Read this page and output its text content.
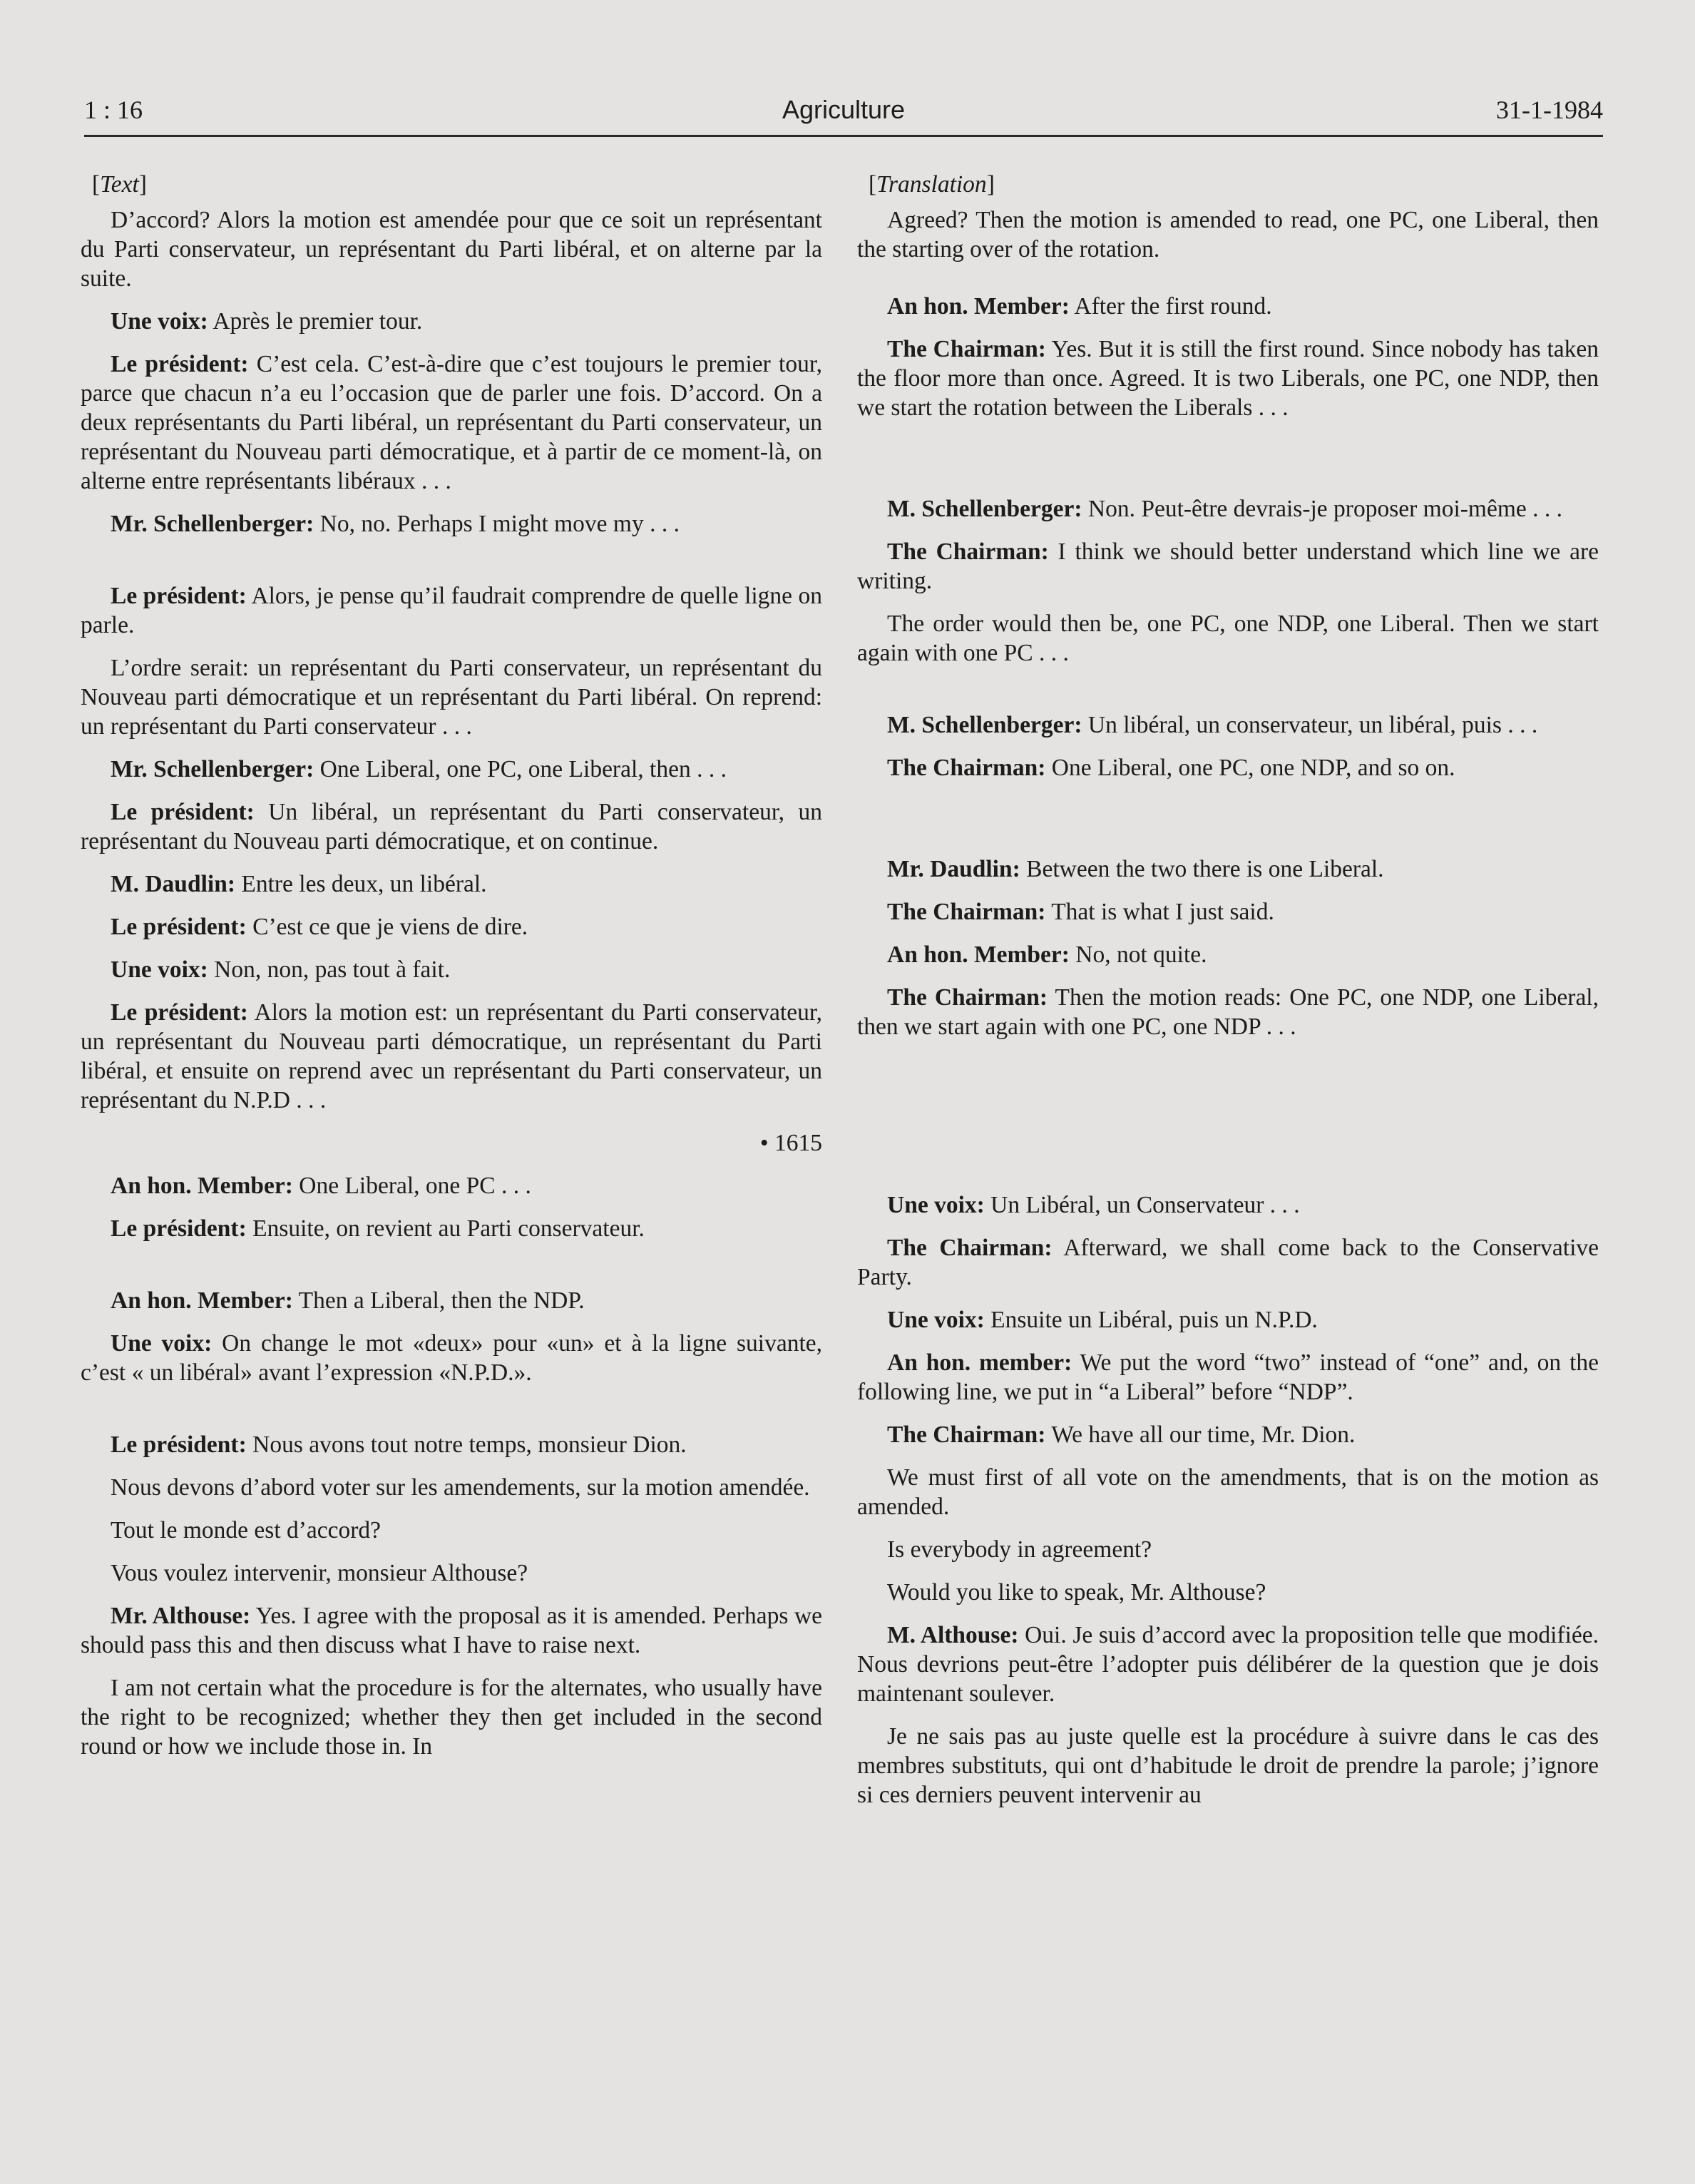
1 : 16	Agriculture	31-1-1984

[Text]

D’accord? Alors la motion est amendée pour que ce soit un représentant du Parti conservateur, un représentant du Parti libéral, et on alterne par la suite.

Une voix: Après le premier tour.

Le président: C’est cela. C’est-à-dire que c’est toujours le premier tour, parce que chacun n’a eu l’occasion que de parler une fois. D’accord. On a deux représentants du Parti libéral, un représentant du Parti conservateur, un représentant du Nouveau parti démocratique, et à partir de ce moment-là, on alterne entre représentants libéraux . . .

Mr. Schellenberger: No, no. Perhaps I might move my . . .

Le président: Alors, je pense qu’il faudrait comprendre de quelle ligne on parle.

L’ordre serait: un représentant du Parti conservateur, un représentant du Nouveau parti démocratique et un représentant du Parti libéral. On reprend: un représentant du Parti conservateur . . .

Mr. Schellenberger: One Liberal, one PC, one Liberal, then . . .

Le président: Un libéral, un représentant du Parti conservateur, un représentant du Nouveau parti démocratique, et on continue.

M. Daudlin: Entre les deux, un libéral.

Le président: C’est ce que je viens de dire.

Une voix: Non, non, pas tout à fait.

Le président: Alors la motion est: un représentant du Parti conservateur, un représentant du Nouveau parti démocratique, un représentant du Parti libéral, et ensuite on reprend avec un représentant du Parti conservateur, un représentant du N.P.D . . .

• 1615

An hon. Member: One Liberal, one PC . . .

Le président: Ensuite, on revient au Parti conservateur.

An hon. Member: Then a Liberal, then the NDP.

Une voix: On change le mot «deux» pour «un» et à la ligne suivante, c’est « un libéral» avant l’expression «N.P.D.».

Le président: Nous avons tout notre temps, monsieur Dion.

Nous devons d’abord voter sur les amendements, sur la motion amendée.

Tout le monde est d’accord?

Vous voulez intervenir, monsieur Althouse?

Mr. Althouse: Yes. I agree with the proposal as it is amended. Perhaps we should pass this and then discuss what I have to raise next.

I am not certain what the procedure is for the alternates, who usually have the right to be recognized; whether they then get included in the second round or how we include those in. In

[Translation]

Agreed? Then the motion is amended to read, one PC, one Liberal, then the starting over of the rotation.

An hon. Member: After the first round.

The Chairman: Yes. But it is still the first round. Since nobody has taken the floor more than once. Agreed. It is two Liberals, one PC, one NDP, then we start the rotation between the Liberals . . .

M. Schellenberger: Non. Peut-être devrais-je proposer moi-même . . .

The Chairman: I think we should better understand which line we are writing.

The order would then be, one PC, one NDP, one Liberal. Then we start again with one PC . . .

M. Schellenberger: Un libéral, un conservateur, un libéral, puis . . .

The Chairman: One Liberal, one PC, one NDP, and so on.

Mr. Daudlin: Between the two there is one Liberal.

The Chairman: That is what I just said.

An hon. Member: No, not quite.

The Chairman: Then the motion reads: One PC, one NDP, one Liberal, then we start again with one PC, one NDP . . .

Une voix: Un Libéral, un Conservateur . . .

The Chairman: Afterward, we shall come back to the Conservative Party.

Une voix: Ensuite un Libéral, puis un N.P.D.

An hon. member: We put the word “two” instead of “one” and, on the following line, we put in “a Liberal” before “NDP”.

The Chairman: We have all our time, Mr. Dion.

We must first of all vote on the amendments, that is on the motion as amended.

Is everybody in agreement?

Would you like to speak, Mr. Althouse?

M. Althouse: Oui. Je suis d’accord avec la proposition telle que modifiée. Nous devrions peut-être l’adopter puis délibérer de la question que je dois maintenant soulever.

Je ne sais pas au juste quelle est la procédure à suivre dans le cas des membres substituts, qui ont d’habitude le droit de prendre la parole; j’ignore si ces derniers peuvent intervenir au
